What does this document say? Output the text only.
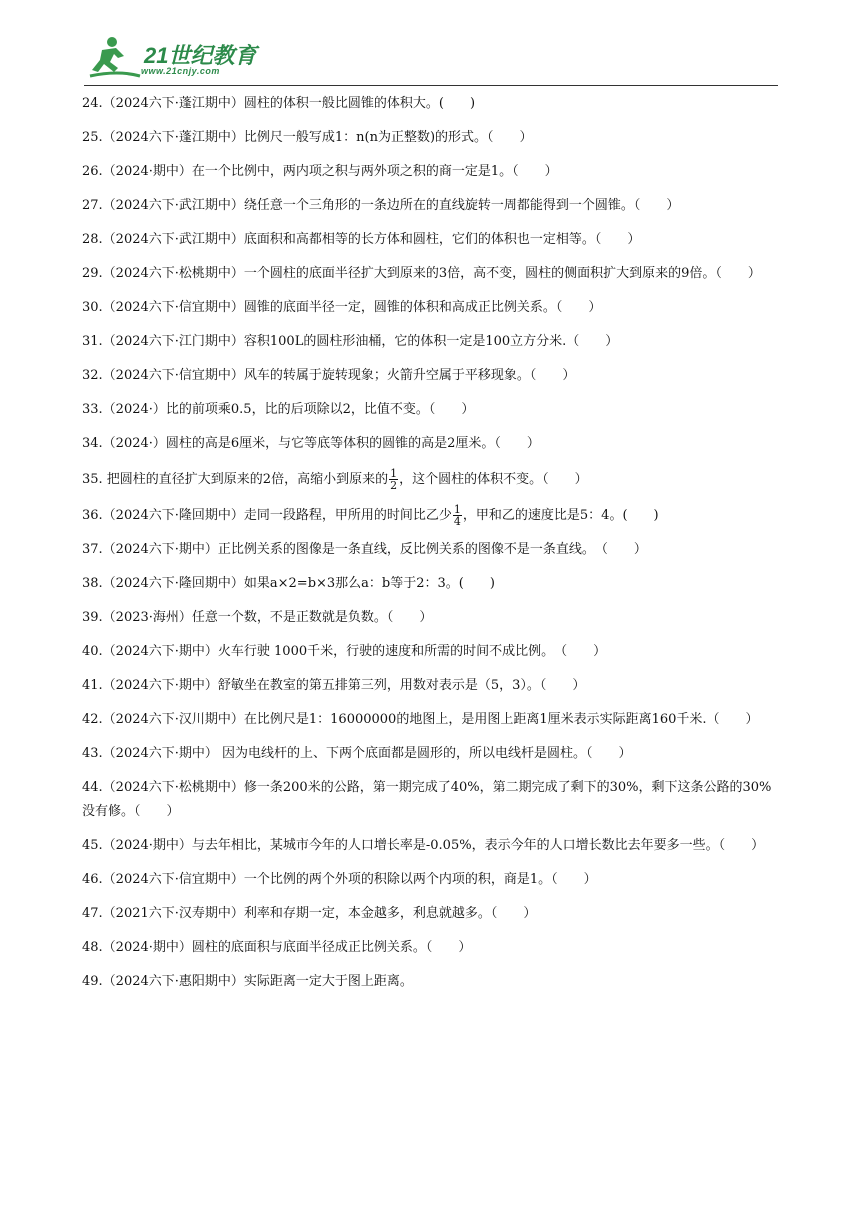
21世纪教育
www.21cnjy.com
24.（2024六下·蓬江期中）圆柱的体积一般比圆锥的体积大。(　　)
25.（2024六下·蓬江期中）比例尺一般写成1：n(n为正整数)的形式。（　　）
26.（2024·期中）在一个比例中，两内项之积与两外项之积的商一定是1。（　　）
27.（2024六下·武江期中）绕任意一个三角形的一条边所在的直线旋转一周都能得到一个圆锥。（　　）
28.（2024六下·武江期中）底面积和高都相等的长方体和圆柱，它们的体积也一定相等。（　　）
29.（2024六下·松桃期中）一个圆柱的底面半径扩大到原来的3倍，高不变，圆柱的侧面积扩大到原来的9倍。（　　）
30.（2024六下·信宜期中）圆锥的底面半径一定，圆锥的体积和高成正比例关系。（　　）
31.（2024六下·江门期中）容积100L的圆柱形油桶，它的体积一定是100立方分米.（　　）
32.（2024六下·信宜期中）风车的转属于旋转现象；火箭升空属于平移现象。（　　）
33.（2024·）比的前项乘0.5，比的后项除以2，比值不变。（　　）
34.（2024·）圆柱的高是6厘米，与它等底等体积的圆锥的高是2厘米。（　　）
35. 把圆柱的直径扩大到原来的2倍，高缩小到原来的 $\frac{1}{2}$ ，这个圆柱的体积不变。（　　）
36.（2024六下·隆回期中）走同一段路程，甲所用的时间比乙少 $\frac{1}{4}$ ，甲和乙的速度比是5：4。(　　)
37.（2024六下·期中）正比例关系的图像是一条直线，反比例关系的图像不是一条直线。　（　　）
38.（2024六下·隆回期中）如果a×2=b×3那么a：b等于2：3。(　　)
39.（2023·海州）任意一个数，不是正数就是负数。（　　）
40.（2024六下·期中）火车行驶 1000千米，行驶的速度和所需的时间不成比例。　（　　）
41.（2024六下·期中）舒敏坐在教室的第五排第三列，用数对表示是（5，3）。（　　）
42.（2024六下·汉川期中）在比例尺是1：16000000的地图上，是用图上距离1厘米表示实际距离160千米.（　　）
43.（2024六下·期中） 因为电线杆的上、下两个底面都是圆形的，所以电线杆是圆柱。（　　）
44.（2024六下·松桃期中）修一条200米的公路，第一期完成了40%，第二期完成了剩下的30%，剩下这条公路的30%没有修。（　　）
45.（2024·期中）与去年相比，某城市今年的人口增长率是-0.05%，表示今年的人口增长数比去年要多一些。（　　）
46.（2024六下·信宜期中）一个比例的两个外项的积除以两个内项的积，商是1。（　　）
47.（2021六下·汉寿期中）利率和存期一定，本金越多，利息就越多。（　　）
48.（2024·期中）圆柱的底面积与底面半径成正比例关系。（　　）
49.（2024六下·惠阳期中）实际距离一定大于图上距离。
